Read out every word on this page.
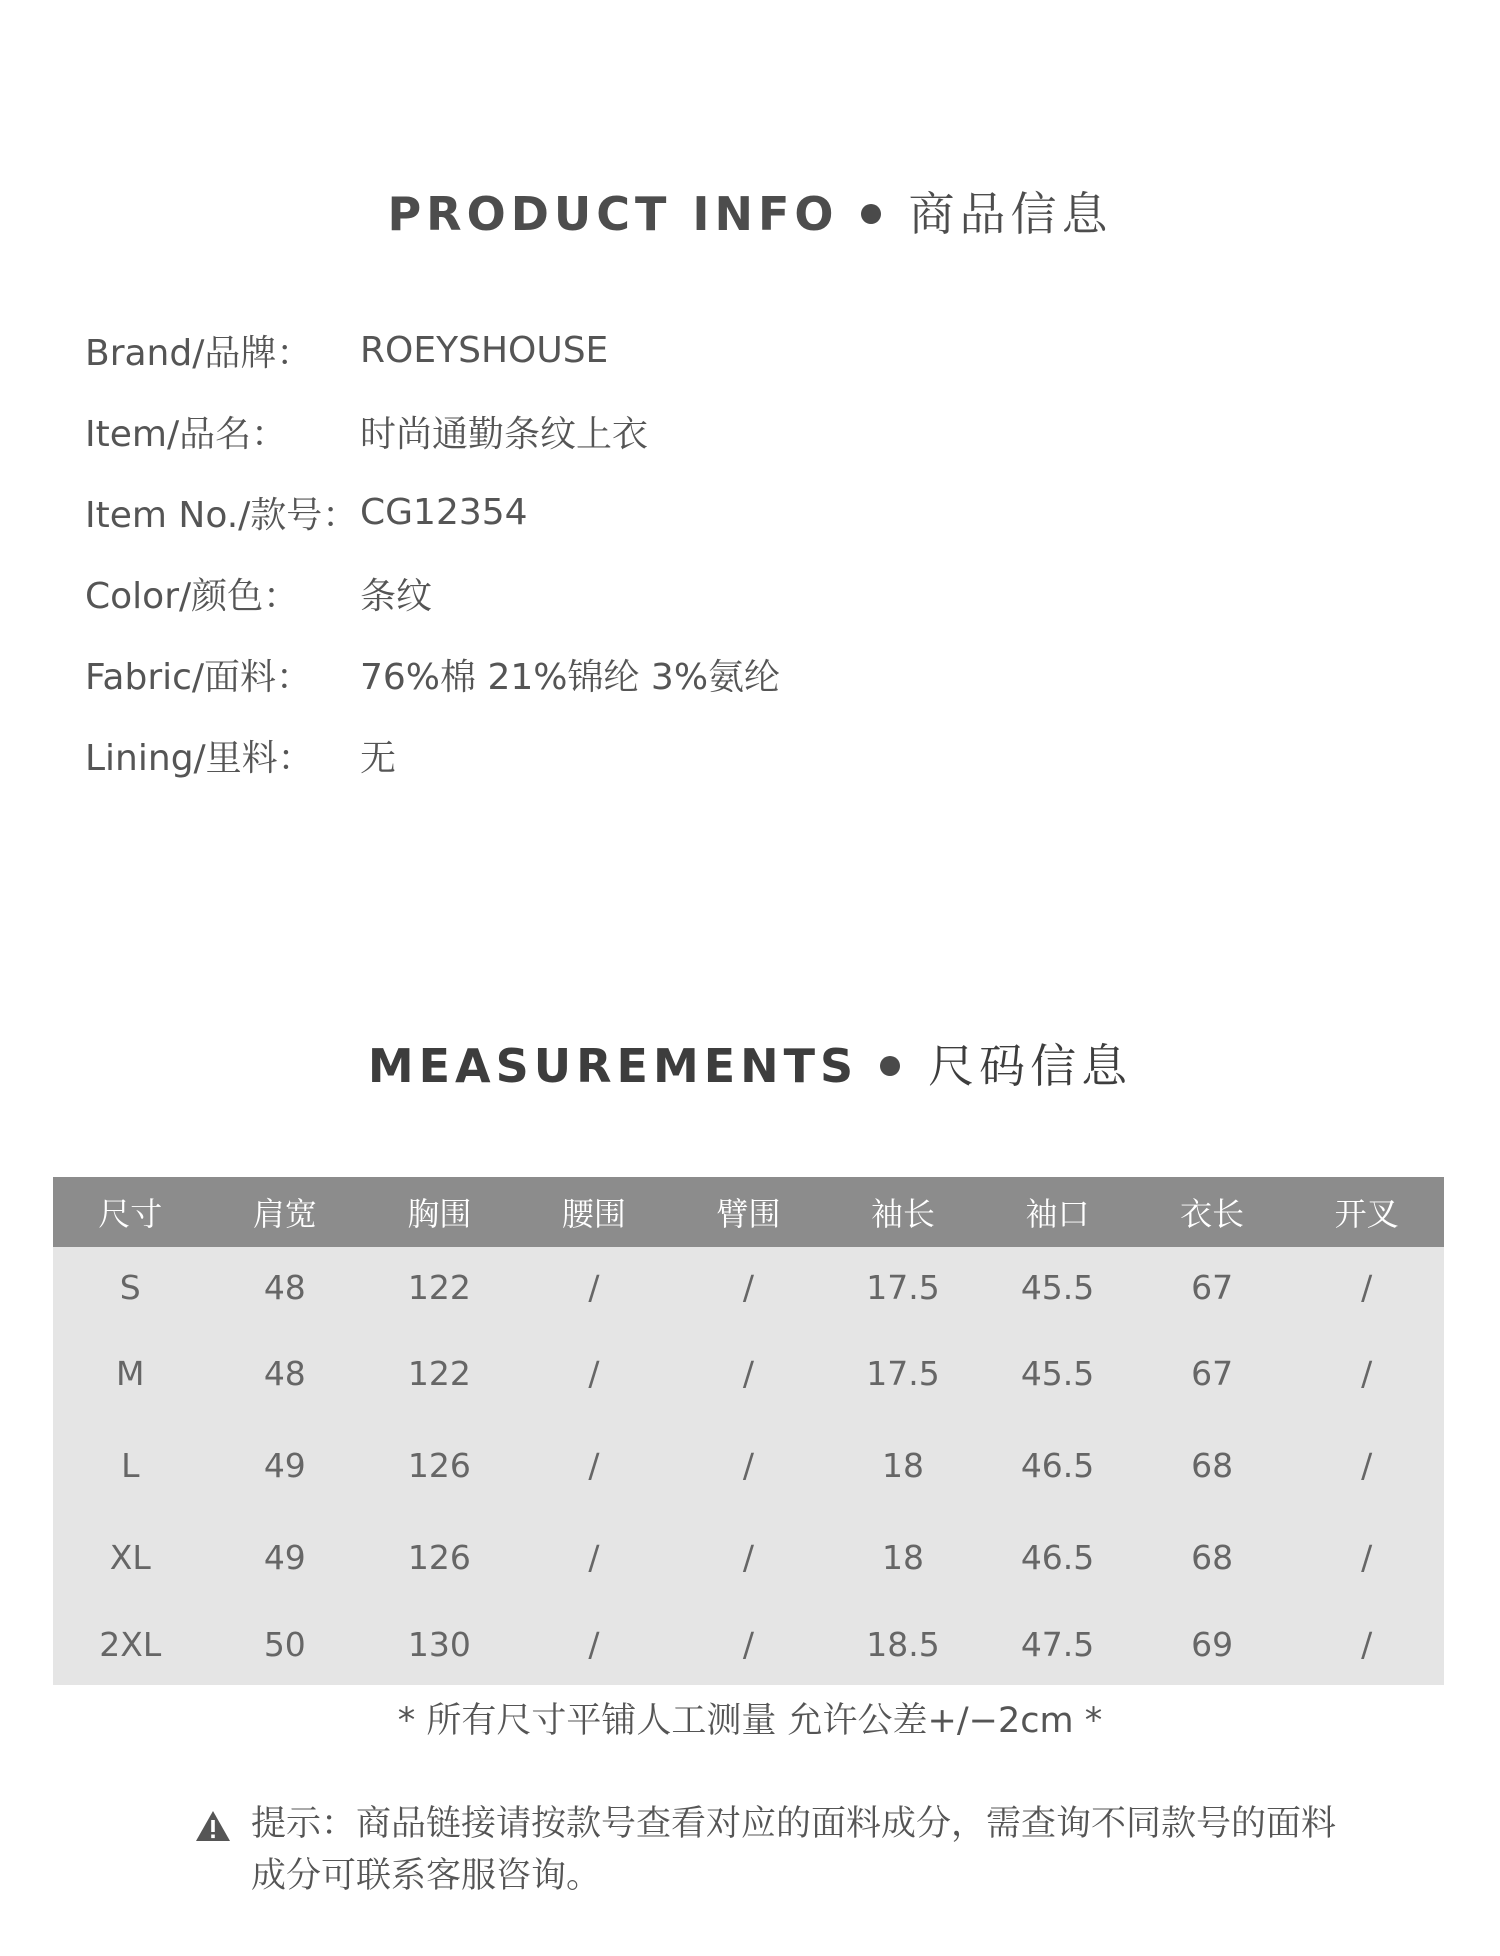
PRODUCT INFO 商品信息
Brand/品牌：	ROEYSHOUSE
Item/品名：	时尚通勤条纹上衣
Item No./款号： CG12354
Color/颜色：	条纹
Fabric/面料：	76%棉 21%锦纶 3%氨纶
Lining/里料：	无
MEASUREMENTS 尺码信息
尺寸	肩宽	胸围	腰围	臂围	袖长	袖口	衣长	开叉
S	48	122	/	/	17.5	45.5	67	/
M	48	122	/	/	17.5	45.5	67	/
L	49	126	/	/	18	46.5	68	/
XL	49	126	/	/	18	46.5	68	/
2XL	50	130	/	/	18.5	47.5	69	/
* 所有尺寸平铺人工测量 允许公差+/−2cm *
提示：商品链接请按款号查看对应的面料成分，需查询不同款号的面料成分可联系客服咨询。
